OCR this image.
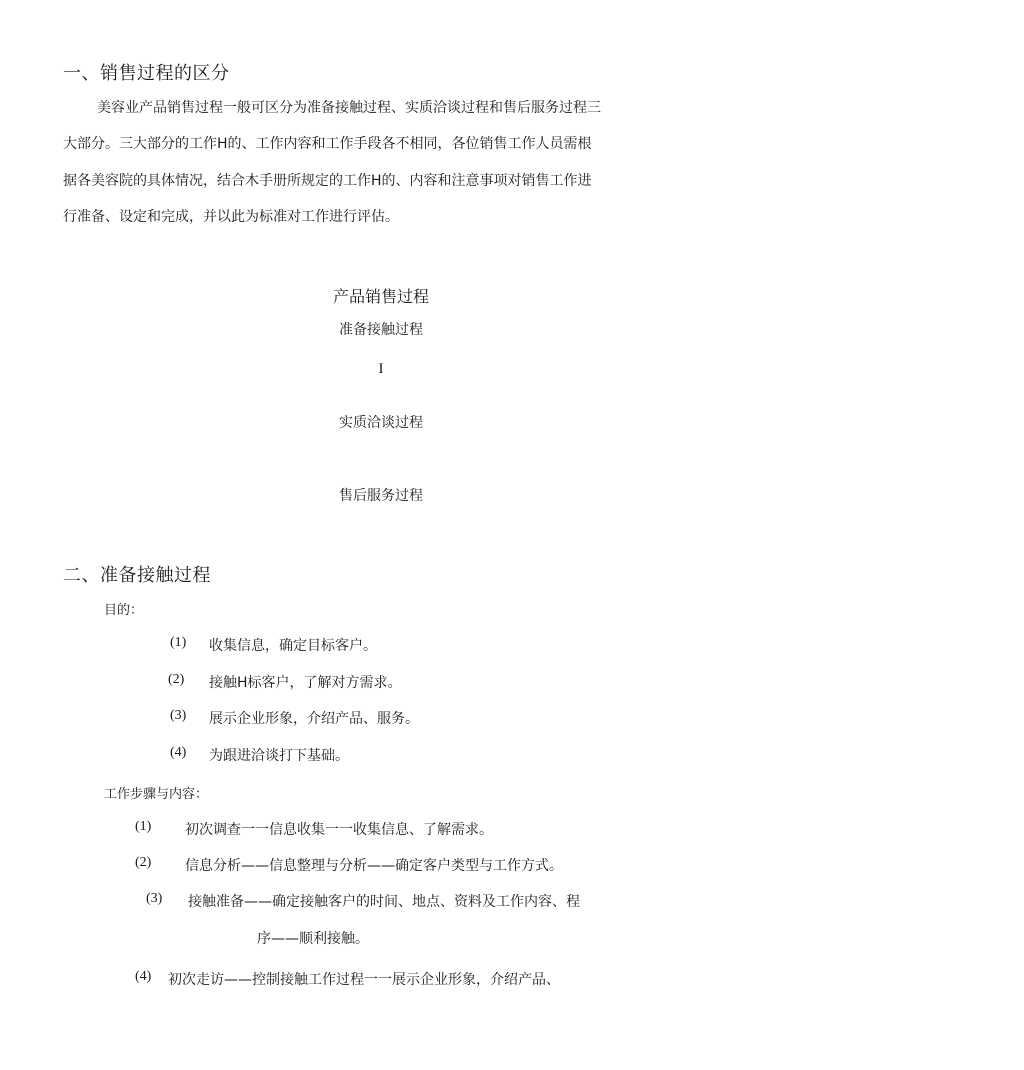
一、销售过程的区分
美容业产品销售过程一般可区分为准备接触过程、实质洽谈过程和售后服务过程三
大部分。三大部分的工作H的、工作内容和工作手段各不相同，各位销售工作人员需根
据各美容院的具体情况，结合木手册所规定的工作H的、内容和注意事项对销售工作进
行准备、设定和完成，并以此为标准对工作进行评估。
产品销售过程
准备接触过程
I
实质洽谈过程
售后服务过程
二、准备接触过程
目的：
(1) 收集信息，确定目标客户。
(2) 接触H标客户，了解对方需求。
(3) 展示企业形象，介绍产品、服务。
(4) 为跟进洽谈打下基础。
工作步骤与内容：
(1) 初次调查一一信息收集一一收集信息、了解需求。
(2) 信息分析——信息整理与分析——确定客户类型与工作方式。
(3) 接触准备——确定接触客户的时间、地点、资料及工作内容、程
序——顺利接触。
(4) 初次走访——控制接触工作过程一一展示企业形象，介绍产品、
